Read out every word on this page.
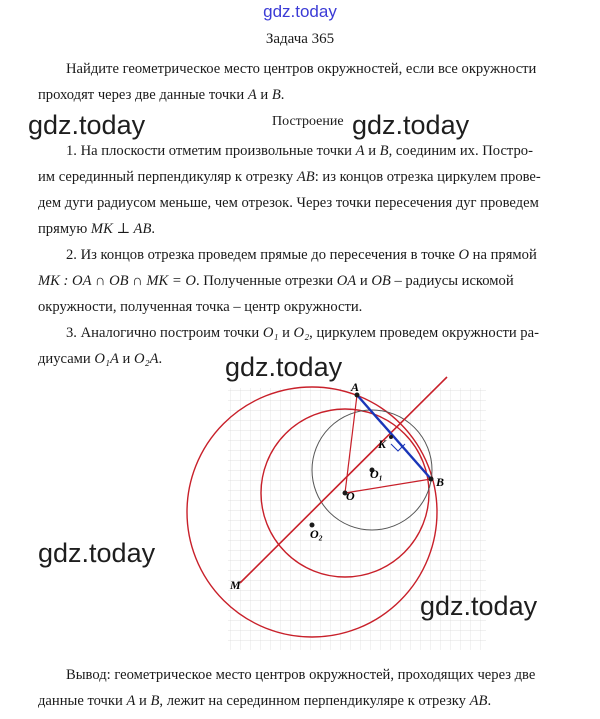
gdz.today
Задача 365
Найдите геометрическое место центров окружностей, если все окружности
проходят через две данные точки A и B.
gdz.today	Построение gdz.today
1. На плоскости отметим произвольные точки A и B, соединим их. Постро-
им серединный перпендикуляр к отрезку AB: из концов отрезка циркулем прове-
дем дуги радиусом меньше, чем отрезок. Через точки пересечения дуг проведем
прямую MK ⊥ AB.
2. Из концов отрезка проведем прямые до пересечения в точке O на прямой
MK : OA ∩ OB ∩ MK = O. Полученные отрезки OA и OB – радиусы искомой
окружности, полученная точка – центр окружности.
3. Аналогично построим точки O₁ и O₂, циркулем проведем окружности ра-
диусами O₁A и O₂A.	gdz.today
A
B
K
O
O₁
O₂
M
gdz.today
gdz.today
Вывод: геометрическое место центров окружностей, проходящих через две
данные точки A и B, лежит на серединном перпендикуляре к отрезку AB.
